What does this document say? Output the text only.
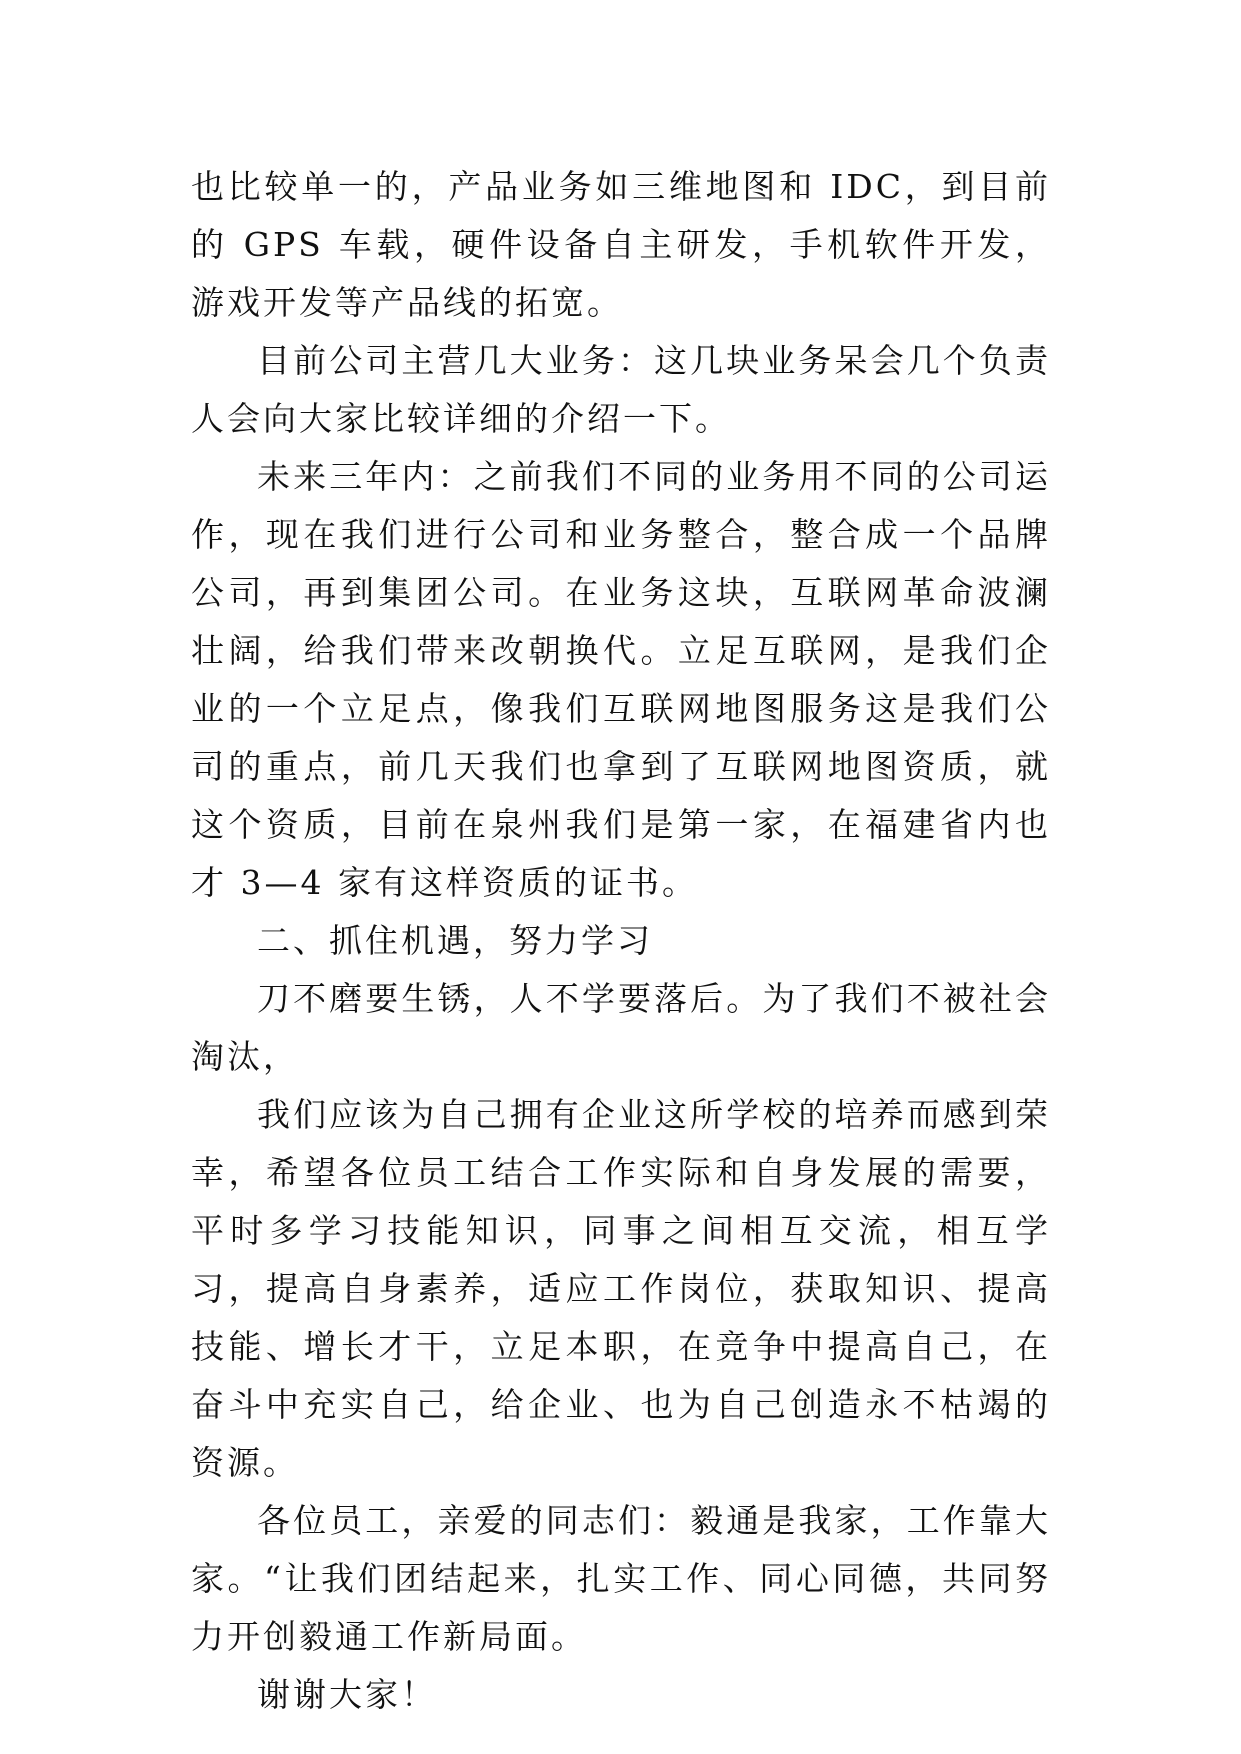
也比较单一的，产品业务如三维地图和 IDC，到目前的 GPS 车载，硬件设备自主研发，手机软件开发，游戏开发等产品线的拓宽。

目前公司主营几大业务：这几块业务呆会几个负责人会向大家比较详细的介绍一下。

未来三年内：之前我们不同的业务用不同的公司运作，现在我们进行公司和业务整合，整合成一个品牌公司，再到集团公司。在业务这块，互联网革命波澜壮阔，给我们带来改朝换代。立足互联网，是我们企业的一个立足点，像我们互联网地图服务这是我们公司的重点，前几天我们也拿到了互联网地图资质，就这个资质，目前在泉州我们是第一家，在福建省内也才 3—4 家有这样资质的证书。

二、抓住机遇，努力学习

刀不磨要生锈，人不学要落后。为了我们不被社会淘汰，

我们应该为自己拥有企业这所学校的培养而感到荣幸，希望各位员工结合工作实际和自身发展的需要，平时多学习技能知识，同事之间相互交流，相互学习，提高自身素养，适应工作岗位，获取知识、提高技能、增长才干，立足本职，在竞争中提高自己，在奋斗中充实自己，给企业、也为自己创造永不枯竭的资源。

各位员工，亲爱的同志们：毅通是我家，工作靠大家。“让我们团结起来，扎实工作、同心同德，共同努力开创毅通工作新局面。

谢谢大家！
